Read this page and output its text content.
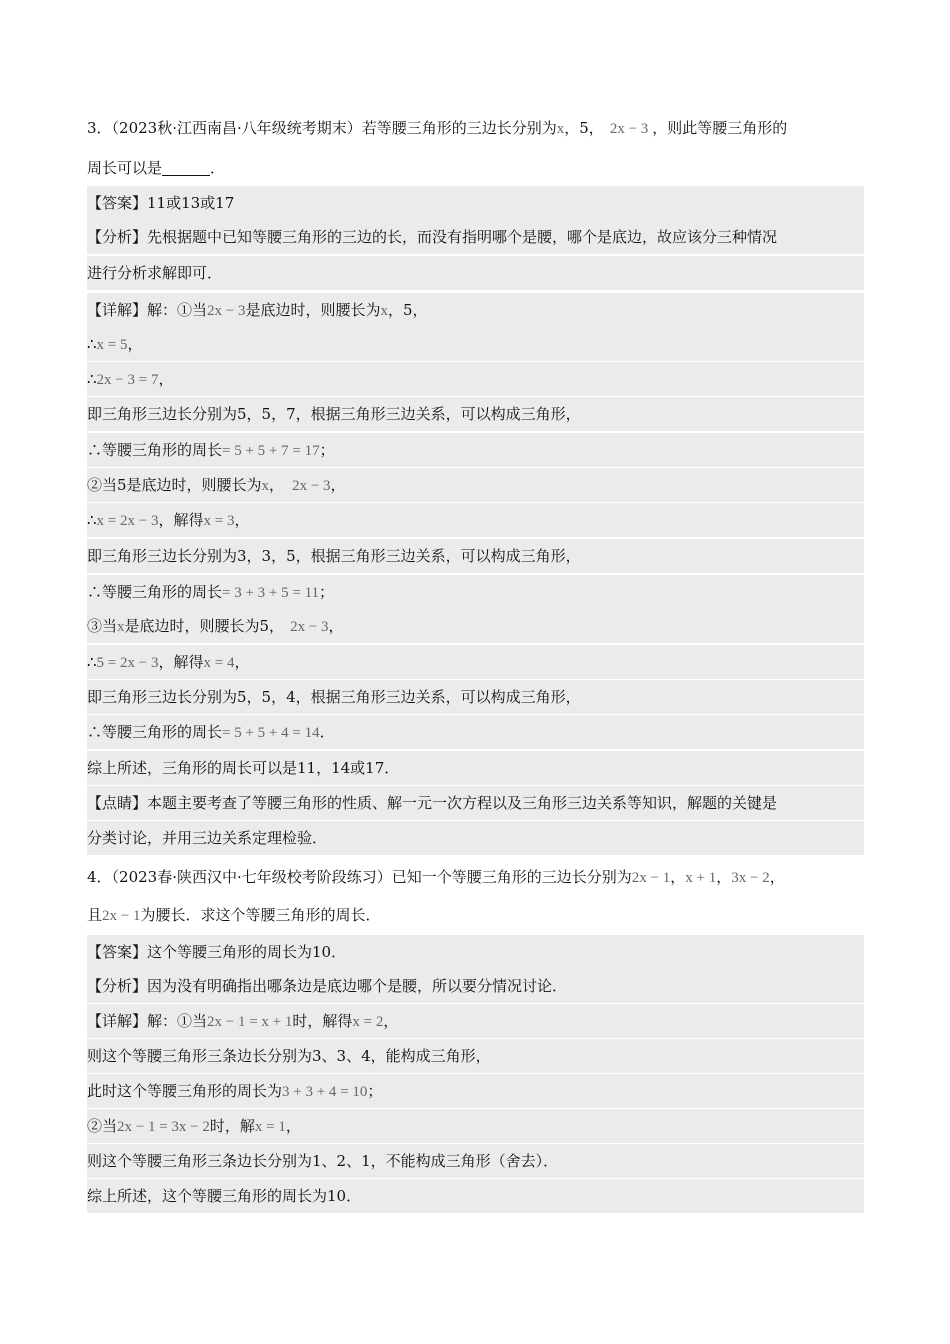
3．（2023秋·江西南昌·八年级统考期末）若等腰三角形的三边长分别为x，5， 2x − 3 ，则此等腰三角形的
周长可以是	．
【答案】11或13或17
【分析】先根据题中已知等腰三角形的三边的长，而没有指明哪个是腰，哪个是底边，故应该分三种情况
进行分析求解即可．
【详解】解：①当2x − 3是底边时，则腰长为x，5，
∴x = 5，
∴2x − 3 = 7，
即三角形三边长分别为5，5，7，根据三角形三边关系，可以构成三角形，
∴等腰三角形的周长= 5 + 5 + 7 = 17；
②当5是底边时，则腰长为x， 2x − 3，
∴x = 2x − 3，解得x = 3，
即三角形三边长分别为3，3，5，根据三角形三边关系，可以构成三角形，
∴等腰三角形的周长= 3 + 3 + 5 = 11；
③当x是底边时，则腰长为5， 2x − 3，
∴5 = 2x − 3，解得x = 4，
即三角形三边长分别为5，5，4，根据三角形三边关系，可以构成三角形，
∴等腰三角形的周长= 5 + 5 + 4 = 14．
综上所述，三角形的周长可以是11，14或17．
【点睛】本题主要考查了等腰三角形的性质、解一元一次方程以及三角形三边关系等知识，解题的关键是
分类讨论，并用三边关系定理检验．
4．（2023春·陕西汉中·七年级校考阶段练习）已知一个等腰三角形的三边长分别为2x − 1，x + 1，3x − 2，
且2x − 1为腰长．求这个等腰三角形的周长．
【答案】这个等腰三角形的周长为10．
【分析】因为没有明确指出哪条边是底边哪个是腰，所以要分情况讨论．
【详解】解：①当2x − 1 = x + 1时，解得x = 2，
则这个等腰三角形三条边长分别为3、3、4，能构成三角形，
此时这个等腰三角形的周长为3 + 3 + 4 = 10；
②当2x − 1 = 3x − 2时，解x = 1，
则这个等腰三角形三条边长分别为1、2、1，不能构成三角形（舍去）．
综上所述，这个等腰三角形的周长为10．
